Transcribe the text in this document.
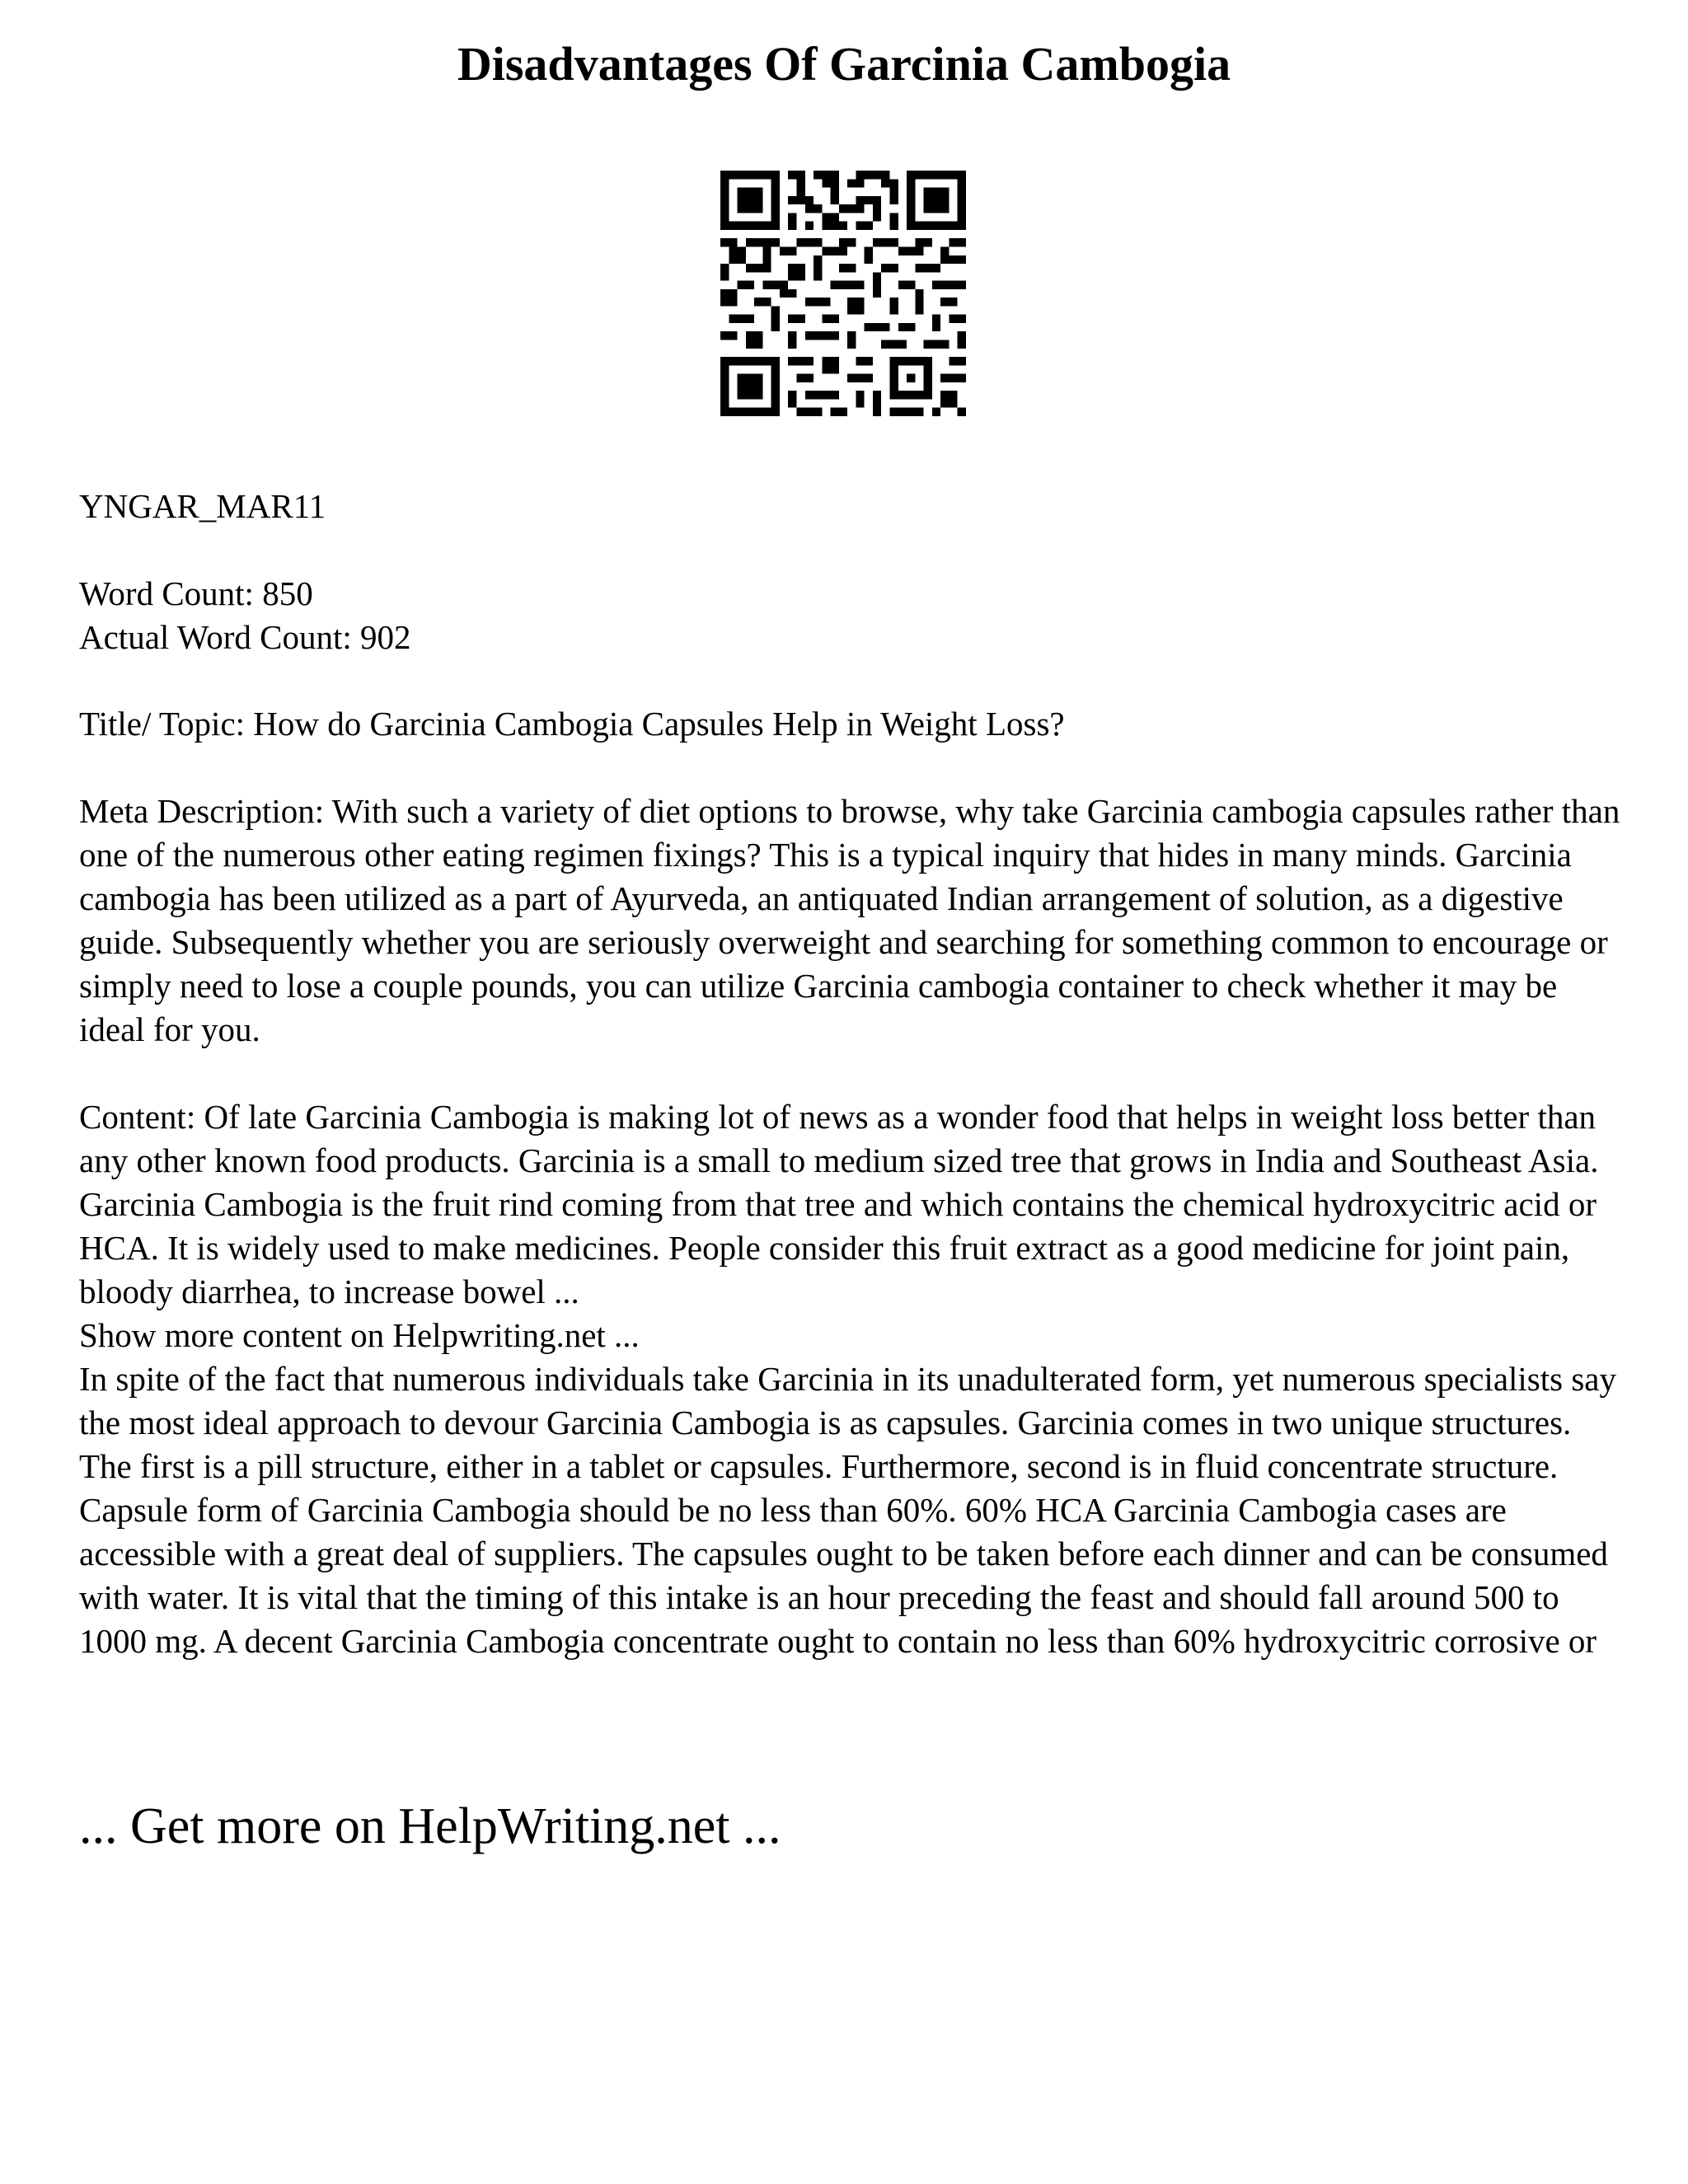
Disadvantages Of Garcinia Cambogia
YNGAR_MAR11

Word Count: 850

Actual Word Count: 902

Title/ Topic: How do Garcinia Cambogia Capsules Help in Weight Loss?
Meta Description: With such a variety of diet options to browse, why take Garcinia cambogia capsules rather than one of the numerous other eating regimen fixings? This is a typical inquiry that hides in many minds. Garcinia cambogia has been utilized as a part of Ayurveda, an antiquated Indian arrangement of solution, as a digestive guide. Subsequently whether you are seriously overweight and searching for something common to encourage or simply need to lose a couple pounds, you can utilize Garcinia cambogia container to check whether it may be ideal for you.

Content: Of late Garcinia Cambogia is making lot of news as a wonder food that helps in weight loss better than any other known food products. Garcinia is a small to medium sized tree that grows in India and Southeast Asia. Garcinia Cambogia is the fruit rind coming from that tree and which contains the chemical hydroxycitric acid or HCA. It is widely used to make medicines. People consider this fruit extract as a good medicine for joint pain, bloody diarrhea, to increase bowel ...

Show more content on Helpwriting.net ...

In spite of the fact that numerous individuals take Garcinia in its unadulterated form, yet numerous specialists say the most ideal approach to devour Garcinia Cambogia is as capsules. Garcinia comes in two unique structures. The first is a pill structure, either in a tablet or capsules. Furthermore, second is in fluid concentrate structure.

Capsule form of Garcinia Cambogia should be no less than 60%. 60% HCA Garcinia Cambogia cases are accessible with a great deal of suppliers. The capsules ought to be taken before each dinner and can be consumed with water. It is vital that the timing of this intake is an hour preceding the feast and should fall around 500 to 1000 mg. A decent Garcinia Cambogia concentrate ought to contain no less than 60% hydroxycitric corrosive or

... Get more on HelpWriting.net ...
